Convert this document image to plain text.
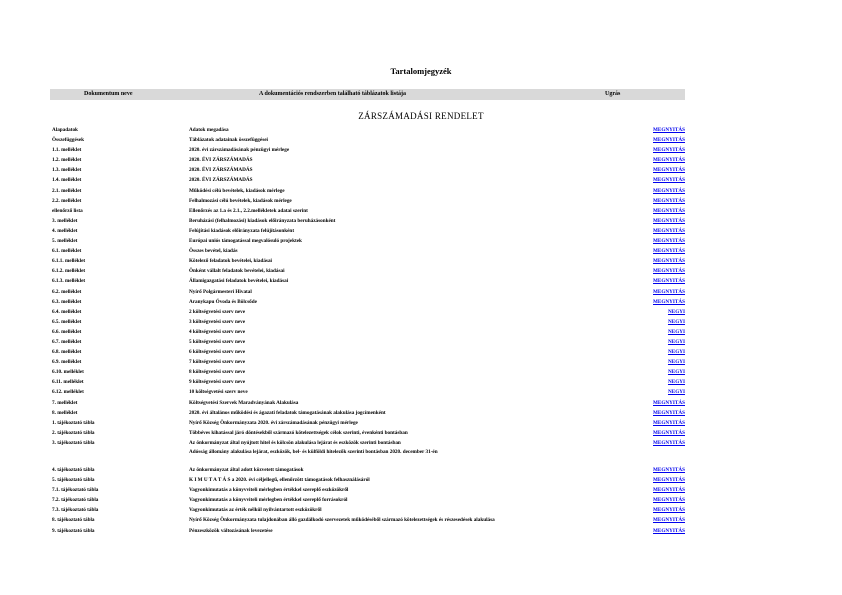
Tartalomjegyzék
Dokumentum neve	A dokumentációs rendszerben található táblázatok listája	Ugrás
ZÁRSZÁMADÁSI RENDELET
Alapadatok	Adatok megadása	MEGNYITÁS
Összefüggések	Táblázatok adatainak összefüggései	MEGNYITÁS
1.1. melléklet	2020. évi zárszámadásának pénzügyi mérlege	MEGNYITÁS
1.2. melléklet	2020. ÉVI ZÁRSZÁMADÁS	MEGNYITÁS
1.3. melléklet	2020. ÉVI ZÁRSZÁMADÁS	MEGNYITÁS
1.4. melléklet	2020. ÉVI ZÁRSZÁMADÁS	MEGNYITÁS
2.1. melléklet	Működési célú bevételek, kiadások mérlege	MEGNYITÁS
2.2. melléklet	Felhalmozási célú bevételek, kiadások mérlege	MEGNYITÁS
ellenőrző lista	Ellenőrzés az 1.a és 2.1., 2.2.mellékletek adatai szerint	MEGNYITÁS
3. melléklet	Beruházási (felhalmozási) kiadások előirányzata beruházásonként	MEGNYITÁS
4. melléklet	Felújítási kiadások előirányzata felújításonként	MEGNYITÁS
5. melléklet	Európai uniós támogatással megvalósuló projektek	MEGNYITÁS
6.1. melléklet	Összes bevétel, kiadás	MEGNYITÁS
6.1.1. melléklet	Kötelező feladatok bevételei, kiadásai	MEGNYITÁS
6.1.2. melléklet	Önként vállalt feladatok bevételei, kiadásai	MEGNYITÁS
6.1.3. melléklet	Államigazgatási feladatok bevételei, kiadásai	MEGNYITÁS
6.2. melléklet	Nyírő Polgármesteri Hivatal	MEGNYITÁS
6.3. melléklet	Aranykapu Óvoda és Bölcsőde	MEGNYITÁS
6.4. melléklet	2 költségvetési szerv neve	NEGYI
6.5. melléklet	3 költségvetési szerv neve	NEGYI
6.6. melléklet	4 költségvetési szerv neve	NEGYI
6.7. melléklet	5 költségvetési szerv neve	NEGYI
6.8. melléklet	6 költségvetési szerv neve	NEGYI
6.9. melléklet	7 költségvetési szerv neve	NEGYI
6.10. melléklet	8 költségvetési szerv neve	NEGYI
6.11. melléklet	9 költségvetési szerv neve	NEGYI
6.12. melléklet	10 költségvetési szerv neve	NEGYI
7. melléklet	Költségvetési Szervek Maradványának Alakulása	MEGNYITÁS
8. melléklet	2020. évi általános működési és ágazati feladatok támogatásának alakulása jogcímenként	MEGNYITÁS
1. tájékoztató tábla	Nyírő Község Önkormányzata 2020. évi zárszámadásának pénzügyi mérlege	MEGNYITÁS
2. tájékoztató tábla	Többéves kihatással járó döntésekből származó kötelezettségek célok szerinti, évenkénti bontásban	MEGNYITÁS
3. tájékoztató tábla	Az önkormányzat által nyújtott hitel és kölcsön alakulása lejárat és eszközök szerinti bontásban	MEGNYITÁS
Adósság állomány alakulása lejárat, eszközök, bel- és külföldi hitelezők szerinti bontásban 2020. december 31-én
4. tájékoztató tábla	Az önkormányzat által adott közvetett támogatások	MEGNYITÁS
5. tájékoztató tábla	K I M U T A T Á S a 2020. évi céljellegű, ellenőrzött támogatások felhasználásáról	MEGNYITÁS
7.1. tájékoztató tábla	Vagyonkimutatás a könyvviteli mérlegben értékkel szereplő eszközökről	MEGNYITÁS
7.2. tájékoztató tábla	Vagyonkimutatás a könyvviteli mérlegben értékkel szereplő forrásokról	MEGNYITÁS
7.3. tájékoztató tábla	Vagyonkimutatás az érték nélkül nyilvántartott eszközökről	MEGNYITÁS
8. tájékoztató tábla	Nyírő Község Önkormányzata tulajdonában álló gazdálkodó szervezetek működéséből származó kötelezettségek és részesedések alakulása	MEGNYITÁS
9. tájékoztató tábla	Pénzeszközök változásának levezetése	MEGNYITÁS
